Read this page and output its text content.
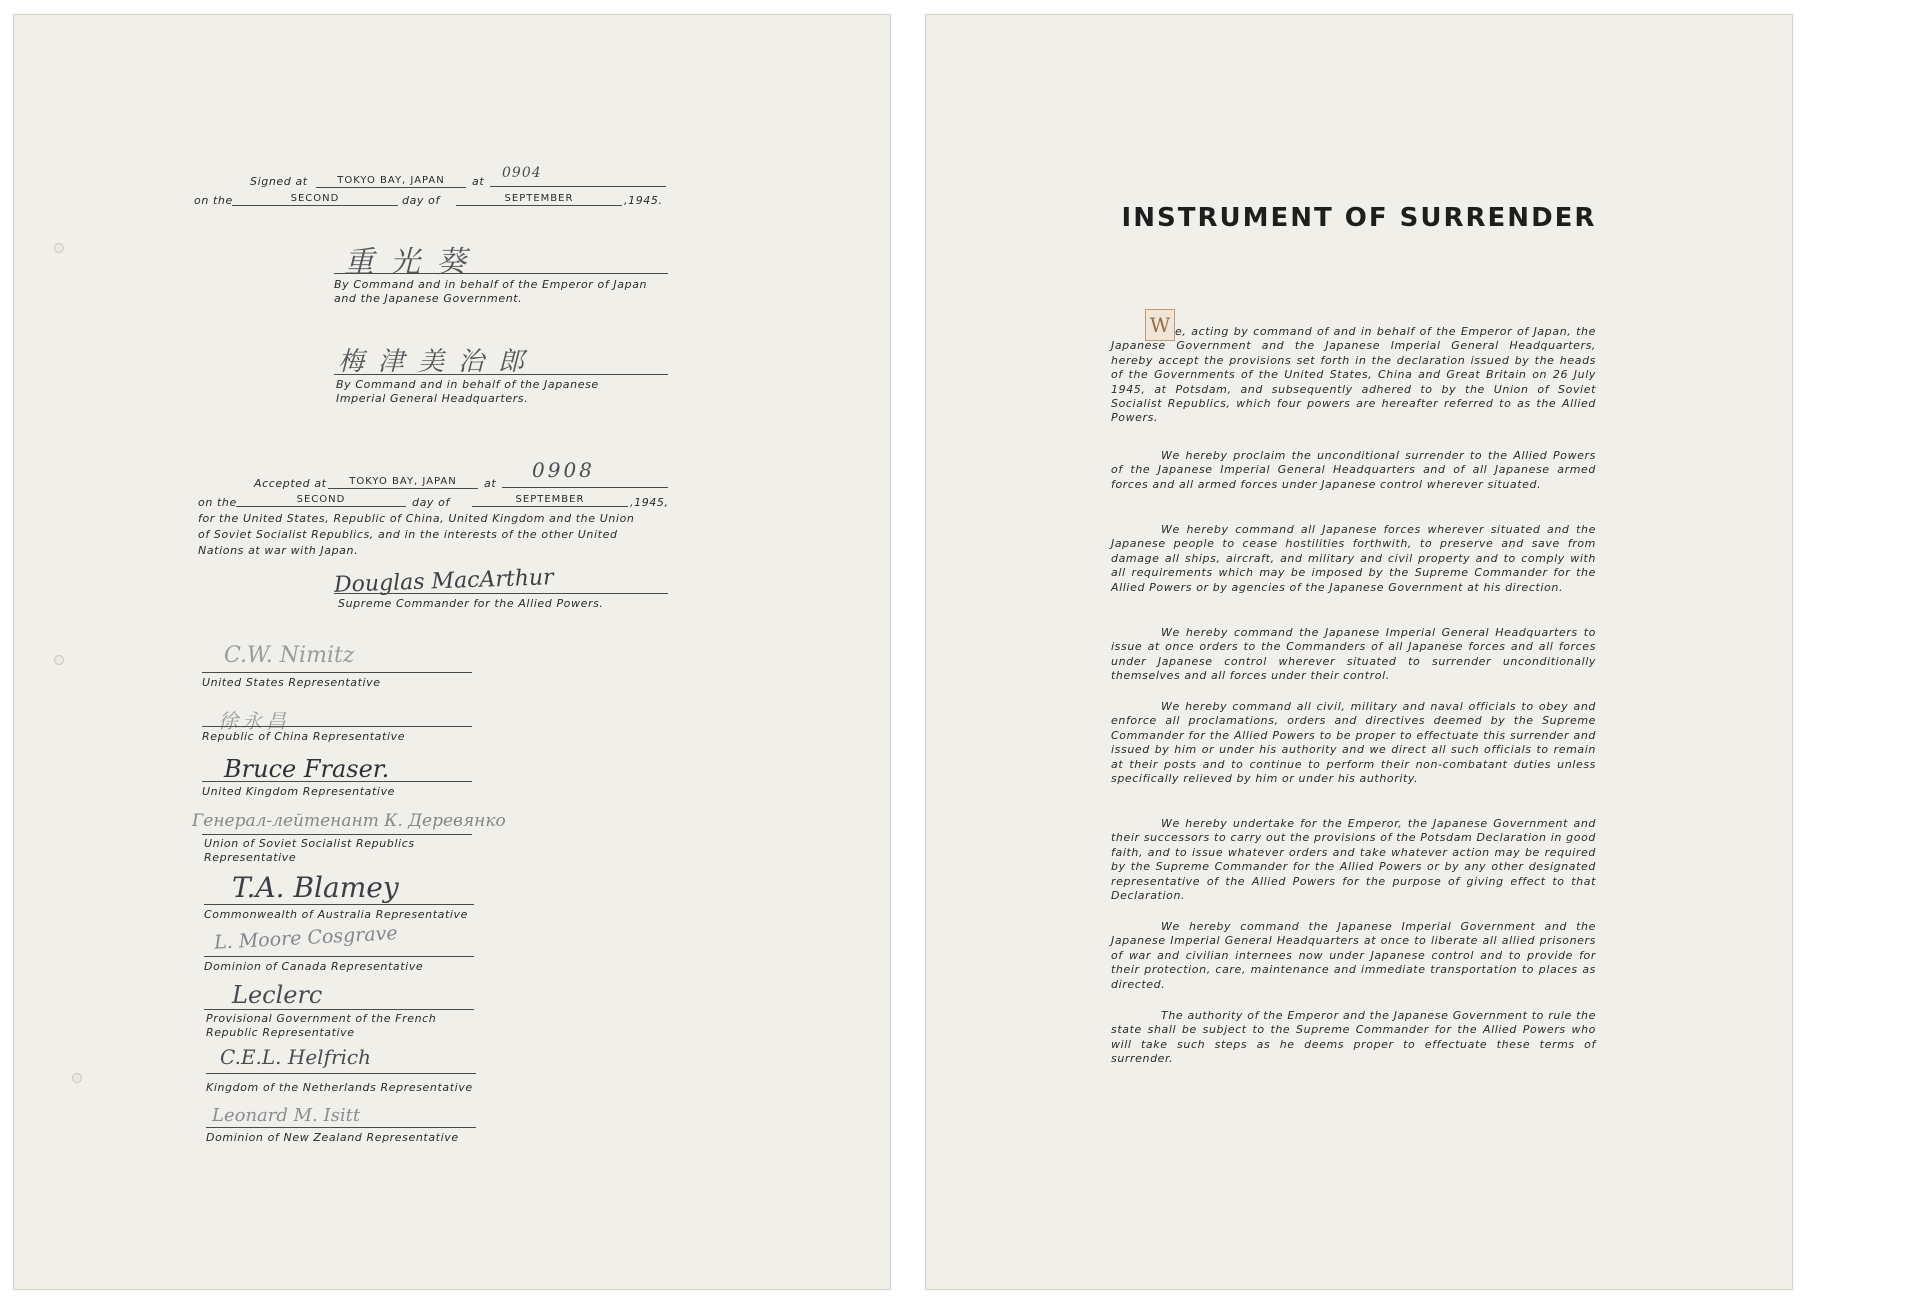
Signed at	TOKYO BAY, JAPAN	at
0904
on the	SECOND	day of	SEPTEMBER	,1945.
重光葵
By Command and in behalf of the Emperor of Japan and the Japanese Government.
梅津美治郎
By Command and in behalf of the Japanese Imperial General Headquarters.
Accepted at	TOKYO BAY, JAPAN	at
0908
on the	SECOND	day of	SEPTEMBER	,1945,
for the United States, Republic of China, United Kingdom and the Union of Soviet Socialist Republics, and in the interests of the other United Nations at war with Japan.
Douglas MacArthur
Supreme Commander for the Allied Powers.
C.W. Nimitz
United States Representative
徐永昌
Republic of China Representative
Bruce Fraser.
United Kingdom Representative
Генерал-лейтенант К. Деревянко
Union of Soviet Socialist Republics Representative
T.A. Blamey
Commonwealth of Australia Representative
L. Moore Cosgrave
Dominion of Canada Representative
Leclerc
Provisional Government of the French Republic Representative
C.E.L. Helfrich
Kingdom of the Netherlands Representative
Leonard M. Isitt
Dominion of New Zealand Representative
INSTRUMENT OF SURRENDER
W e, acting by command of and in behalf of the Emperor of Japan, the Japanese Government and the Japanese Imperial General Headquarters, hereby accept the provisions set forth in the declaration issued by the heads of the Governments of the United States, China and Great Britain on 26 July 1945, at Potsdam, and subsequently adhered to by the Union of Soviet Socialist Republics, which four powers are hereafter referred to as the Allied Powers.

We hereby proclaim the unconditional surrender to the Allied Powers of the Japanese Imperial General Headquarters and of all Japanese armed forces and all armed forces under Japanese control wherever situated.

We hereby command all Japanese forces wherever situated and the Japanese people to cease hostilities forthwith, to preserve and save from damage all ships, aircraft, and military and civil property and to comply with all requirements which may be imposed by the Supreme Commander for the Allied Powers or by agencies of the Japanese Government at his direction.

We hereby command the Japanese Imperial General Headquarters to issue at once orders to the Commanders of all Japanese forces and all forces under Japanese control wherever situated to surrender unconditionally themselves and all forces under their control.

We hereby command all civil, military and naval officials to obey and enforce all proclamations, orders and directives deemed by the Supreme Commander for the Allied Powers to be proper to effectuate this surrender and issued by him or under his authority and we direct all such officials to remain at their posts and to continue to perform their non-combatant duties unless specifically relieved by him or under his authority.

We hereby undertake for the Emperor, the Japanese Government and their successors to carry out the provisions of the Potsdam Declaration in good faith, and to issue whatever orders and take whatever action may be required by the Supreme Commander for the Allied Powers or by any other designated representative of the Allied Powers for the purpose of giving effect to that Declaration.

We hereby command the Japanese Imperial Government and the Japanese Imperial General Headquarters at once to liberate all allied prisoners of war and civilian internees now under Japanese control and to provide for their protection, care, maintenance and immediate transportation to places as directed.

The authority of the Emperor and the Japanese Government to rule the state shall be subject to the Supreme Commander for the Allied Powers who will take such steps as he deems proper to effectuate these terms of surrender.
